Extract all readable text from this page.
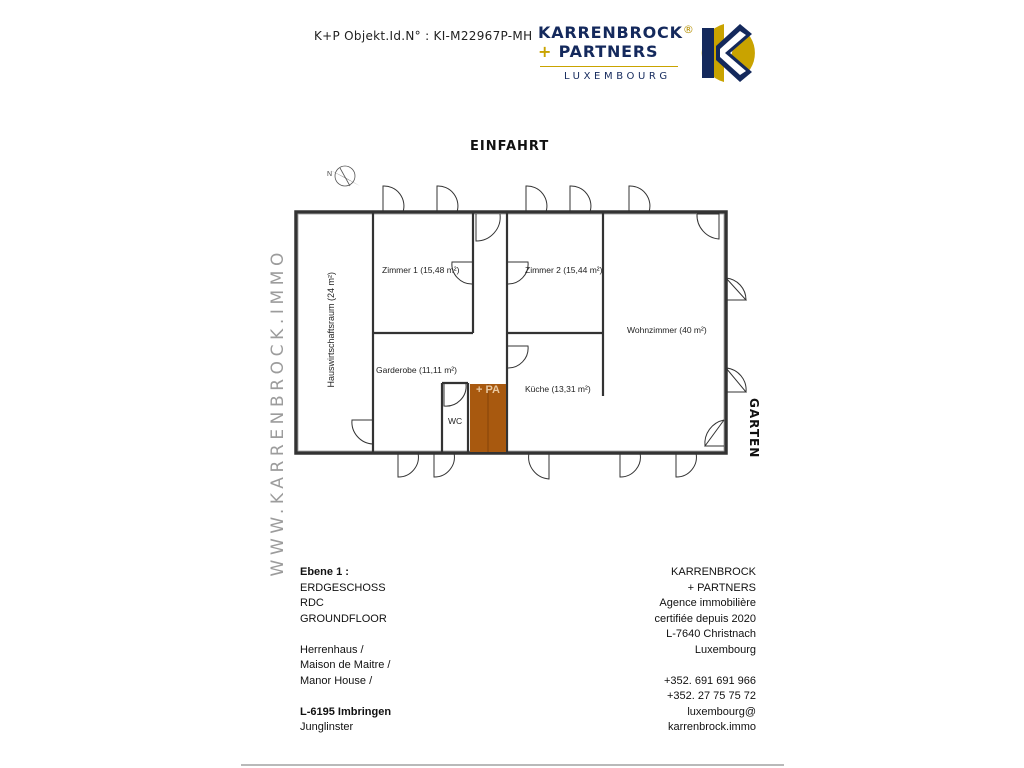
K+P Objekt.Id.N° : KI-M22967P-MH KARRENBROCK®
+ PARTNERS
LUXEMBOURG
EINFAHRT
GARTEN
WWW.KARRENBROCK.IMMO
N
+ PA
Hauswirtschaftsraum (24 m²)
Zimmer 1 (15,48 m²)	Zimmer 2 (15,44 m²)
Wohnzimmer (40 m²)
Garderobe (11,11 m²)
Küche (13,31 m²)
WC
Ebene 1 :
ERDGESCHOSS
RDC
GROUNDFLOOR
Herrenhaus /
Maison de Maitre /
Manor House /
L-6195 Imbringen
Junglinster
KARRENBROCK
+ PARTNERS
Agence immobilière
certifiée depuis 2020
L-7640 Christnach
Luxembourg
+352. 691 691 966
+352. 27 75 75 72
luxembourg@
karrenbrock.immo
